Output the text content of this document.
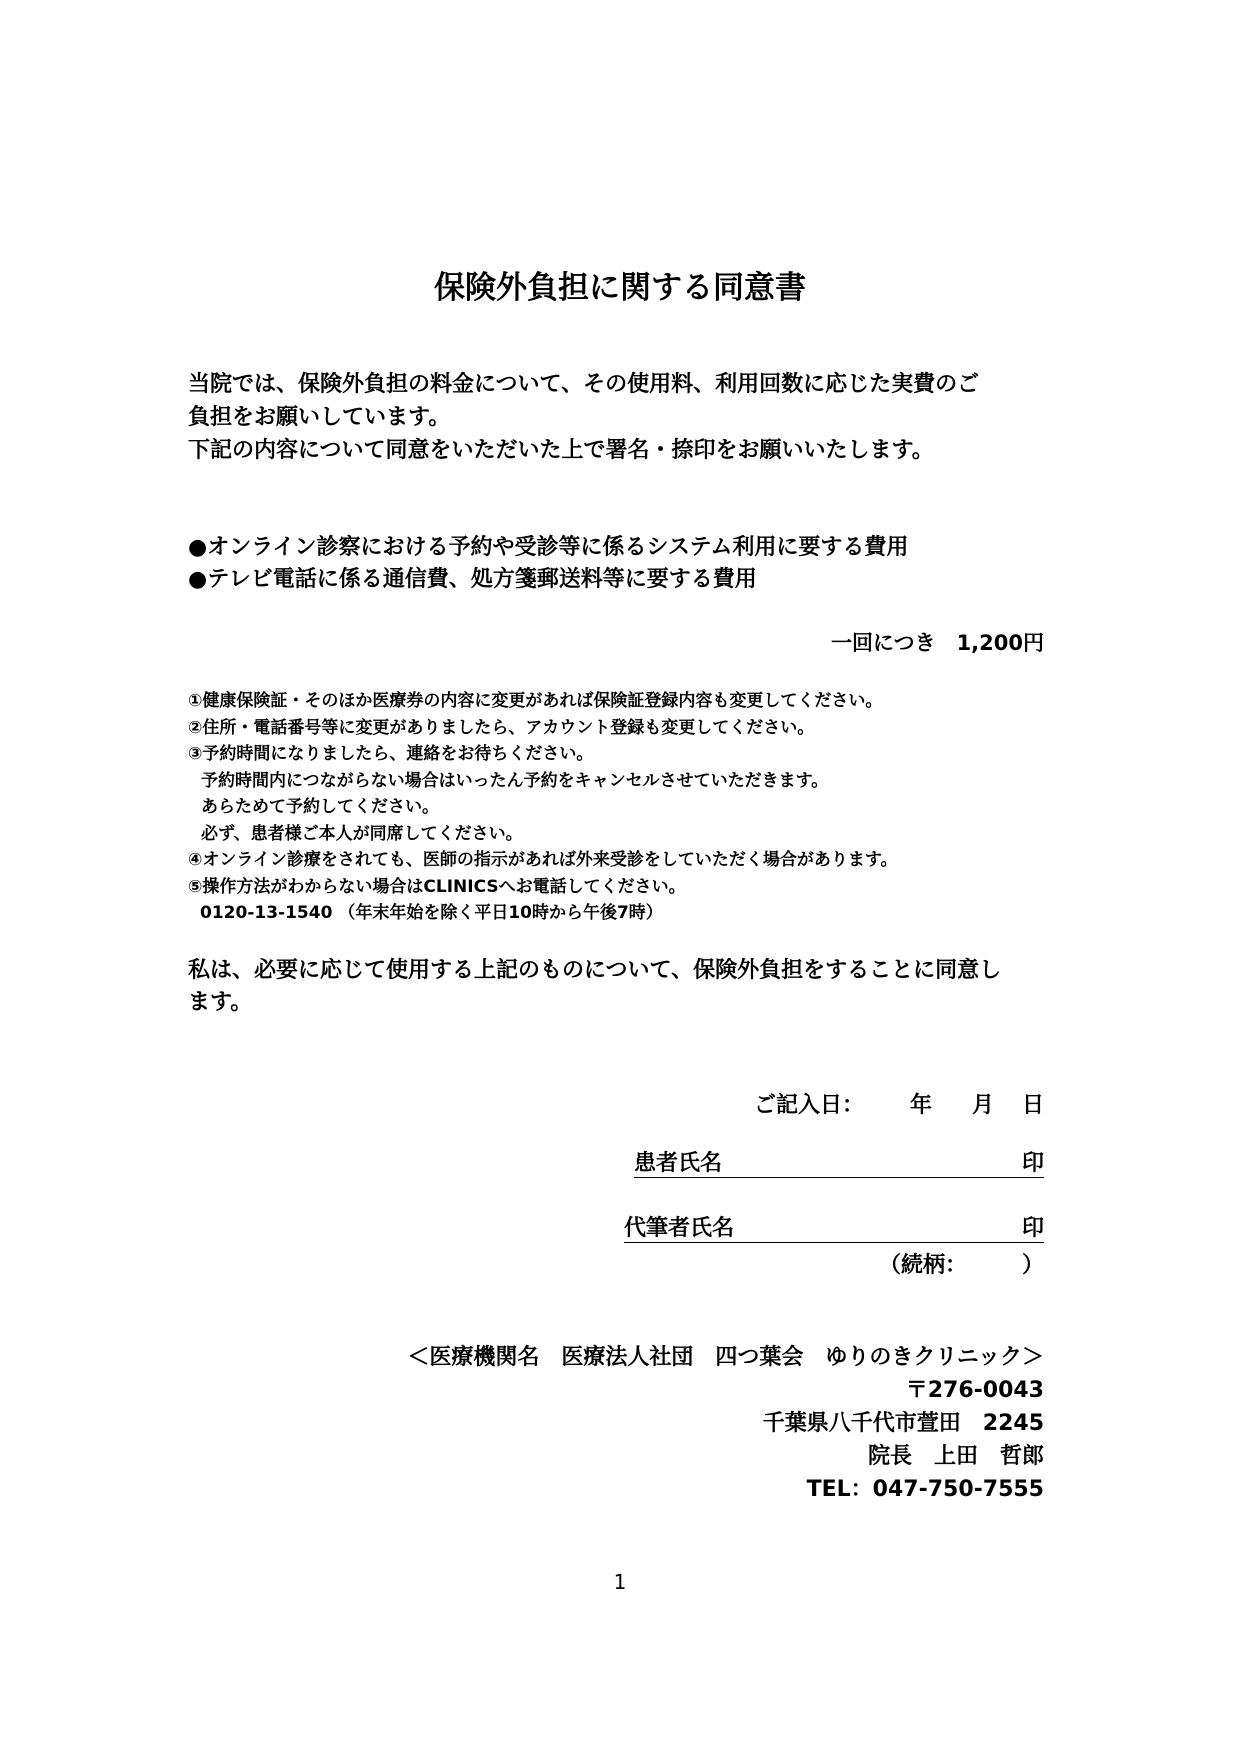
保険外負担に関する同意書
当院では、保険外負担の料金について、その使用料、利用回数に応じた実費のご
負担をお願いしています。
下記の内容について同意をいただいた上で署名・捺印をお願いいたします。
●オンライン診察における予約や受診等に係るシステム利用に要する費用
●テレビ電話に係る通信費、処方箋郵送料等に要する費用
一回につき　1,200円
①健康保険証・そのほか医療券の内容に変更があれば保険証登録内容も変更してください。
②住所・電話番号等に変更がありましたら、アカウント登録も変更してください。
③予約時間になりましたら、連絡をお待ちください。
予約時間内につながらない場合はいったん予約をキャンセルさせていただきます。
あらためて予約してください。
必ず、患者様ご本人が同席してください。
④オンライン診療をされても、医師の指示があれば外来受診をしていただく場合があります。
⑤操作方法がわからない場合はCLINICSへお電話してください。
0120-13-1540 （年末年始を除く平日10時から午後7時）
私は、必要に応じて使用する上記のものについて、保険外負担をすることに同意し
ます。
ご記入日： 年 月 日
患者氏名	印
代筆者氏名	印
（続柄：　　　）
＜医療機関名　医療法人社団　四つ葉会　ゆりのきクリニック＞
〒276-0043
千葉県八千代市萱田　2245
院長　上田　哲郎
TEL：047-750-7555
1
